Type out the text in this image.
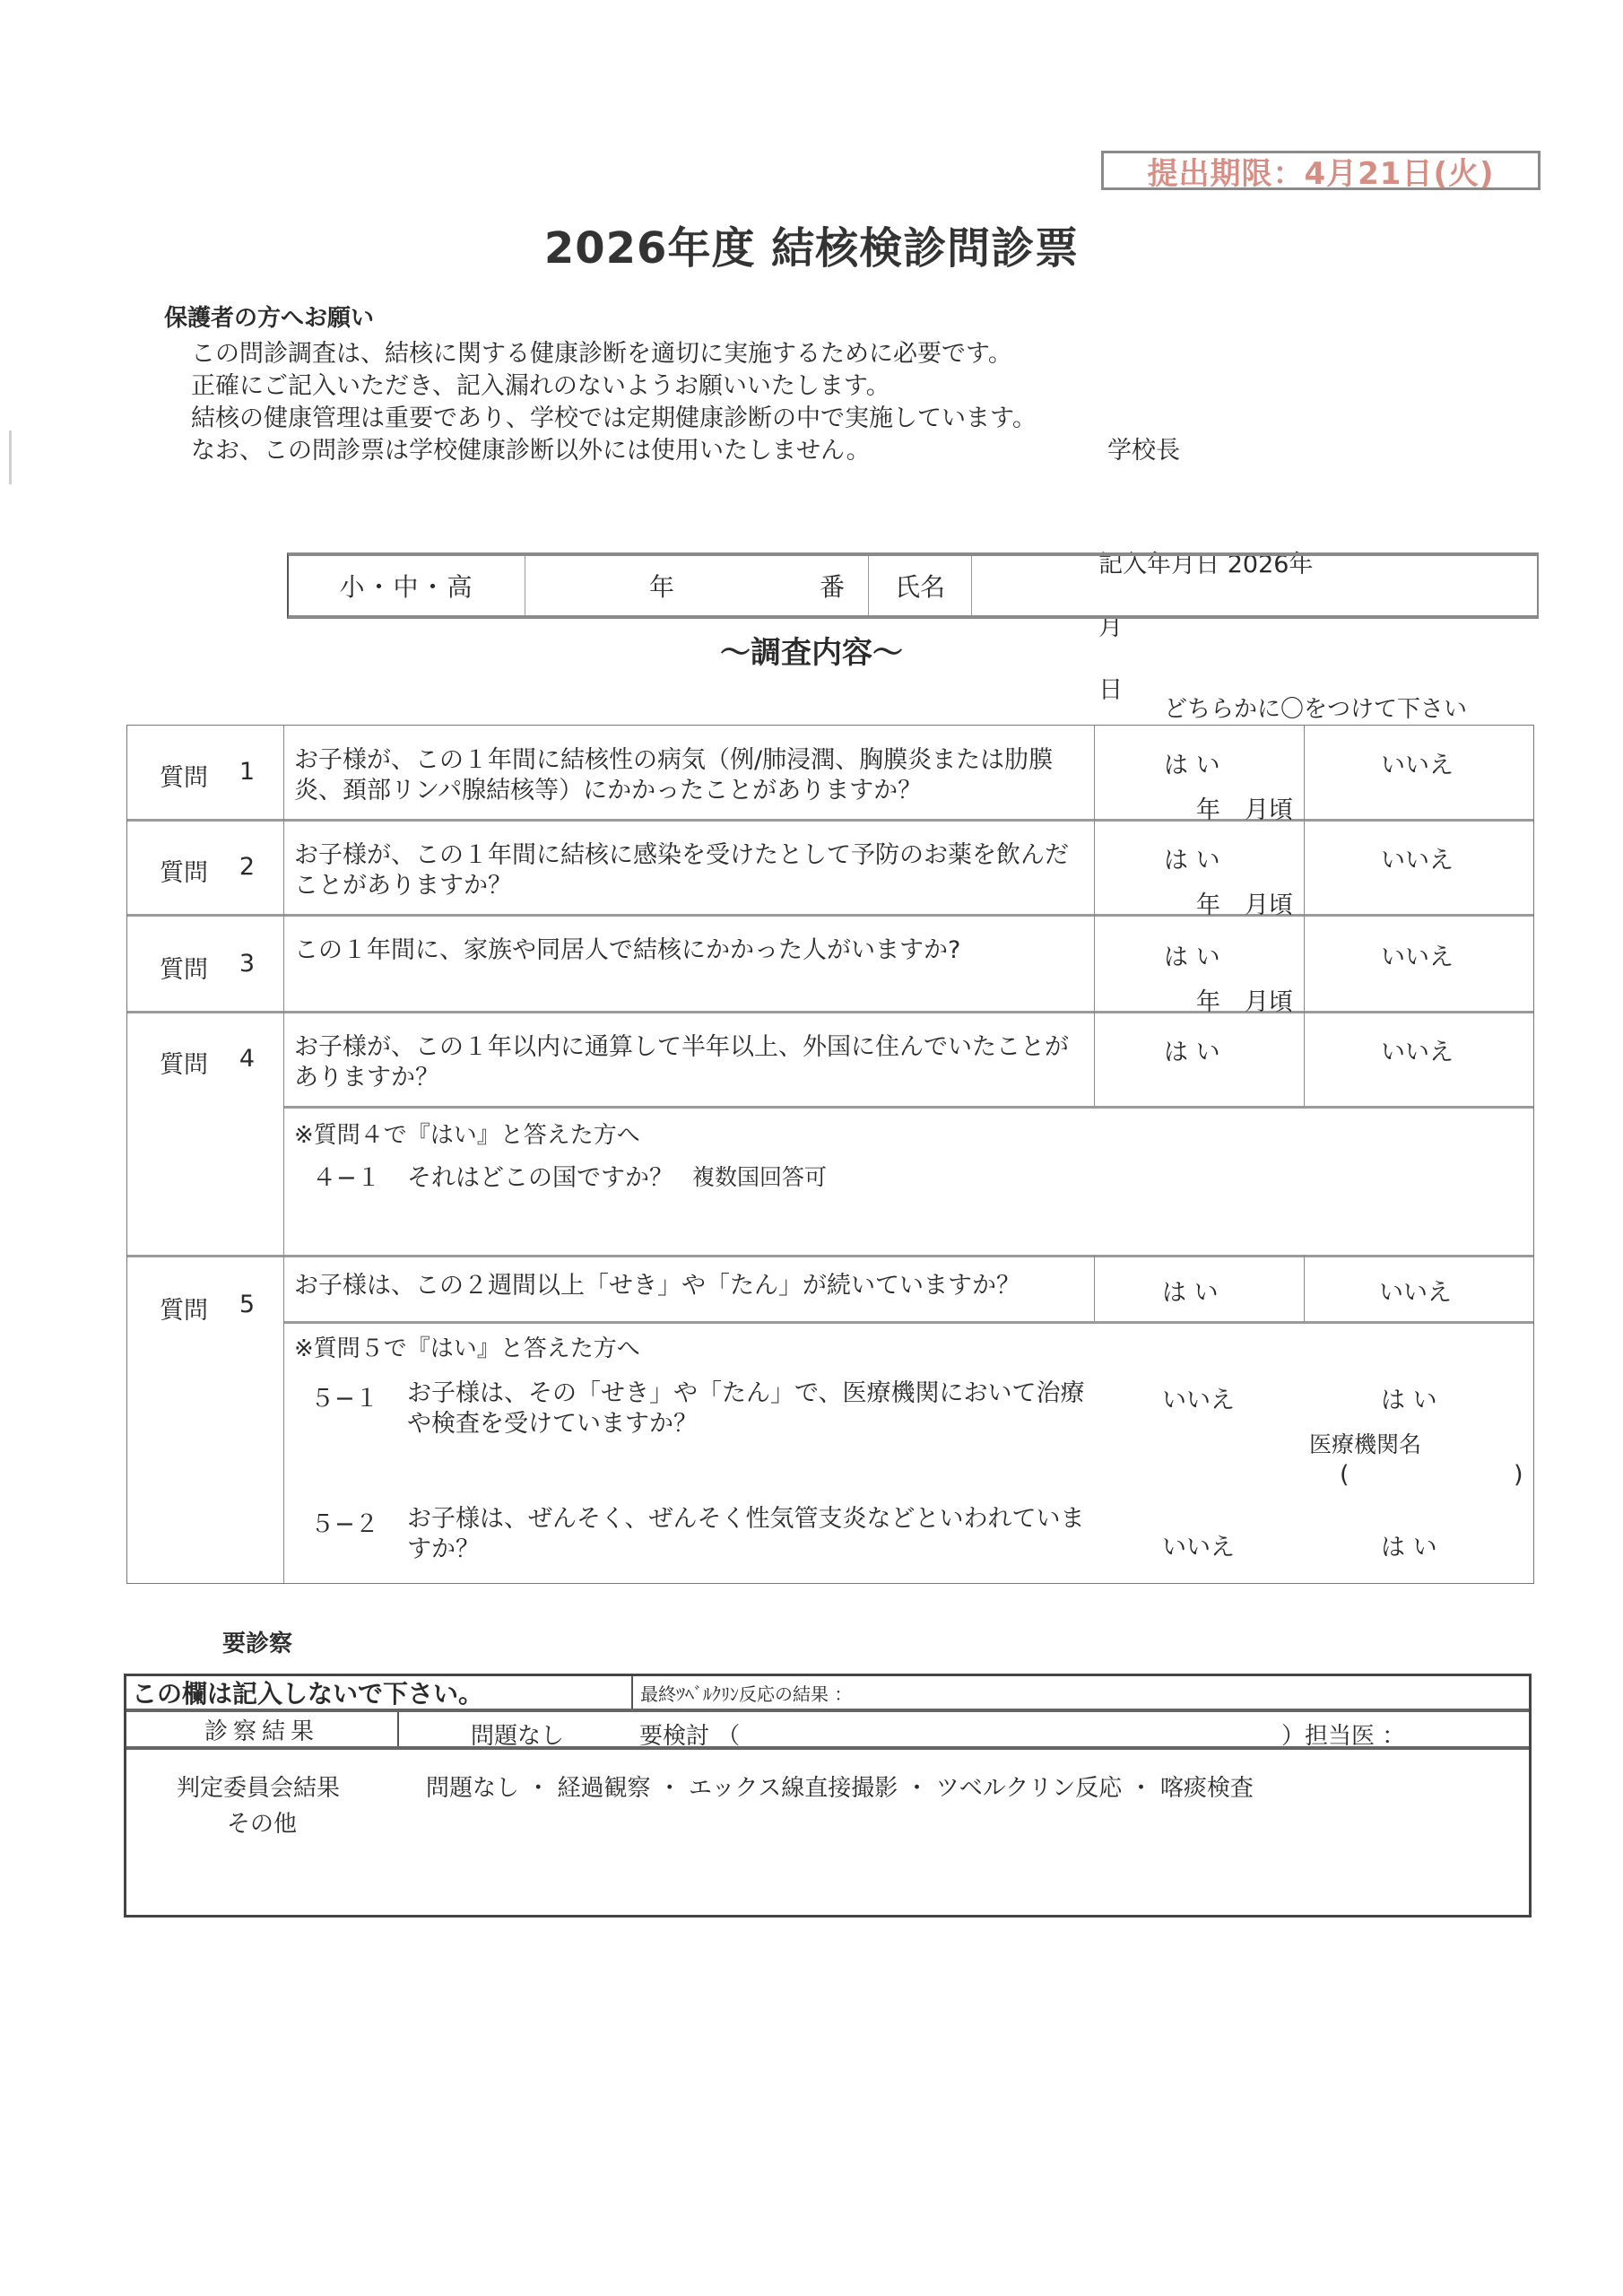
提出期限：4月21日(火)
2026年度 結核検診問診票
保護者の方へお願い
この問診調査は、結核に関する健康診断を適切に実施するために必要です。
正確にご記入いただき、記入漏れのないようお願いいたします。
結核の健康管理は重要であり、学校では定期健康診断の中で実施しています。
なお、この問診票は学校健康診断以外には使用いたしません。	学校長

記入年月日 2026年

月

日

小・中・高	年	番 氏名
〜調査内容〜
どちらかに〇をつけて下さい
質問 1 お子様が、この１年間に結核性の病気（例/肺浸潤、胸膜炎または肋膜炎、頚部リンパ腺結核等）にかかったことがありますか？
は い	いいえ
年　月頃
質問 2 お子様が、この１年間に結核に感染を受けたとして予防のお薬を飲んだことがありますか？
は い	いいえ
年　月頃
質問 3 この１年間に、家族や同居人で結核にかかった人がいますか?	は い	いいえ
年　月頃
質問 4 お子様が、この１年以内に通算して半年以上、外国に住んでいたことがありますか？
は い	いいえ
※質問４で『はい』と答えた方へ
４−１ それはどこの国ですか？ 複数国回答可
質問 5
お子様は、この２週間以上「せき」や「たん」が続いていますか？	は い	いいえ
※質問５で『はい』と答えた方へ
５−１ お子様は、その「せき」や「たん」で、医療機関において治療や検査を受けていますか？
いいえ	は い
医療機関名
(	)
５−２ お子様は、ぜんそく、ぜんそく性気管支炎などといわれていますか？	いいえ	は い
要診察
この欄は記入しないで下さい。	最終ﾂﾍﾞﾙｸﾘﾝ反応の結果 ：
診察結果	問題なし	要検討 （	）担当医 ：
判定委員会結果	問題なし ・ 経過観察 ・ エックス線直接撮影 ・ ツベルクリン反応 ・ 喀痰検査
その他
